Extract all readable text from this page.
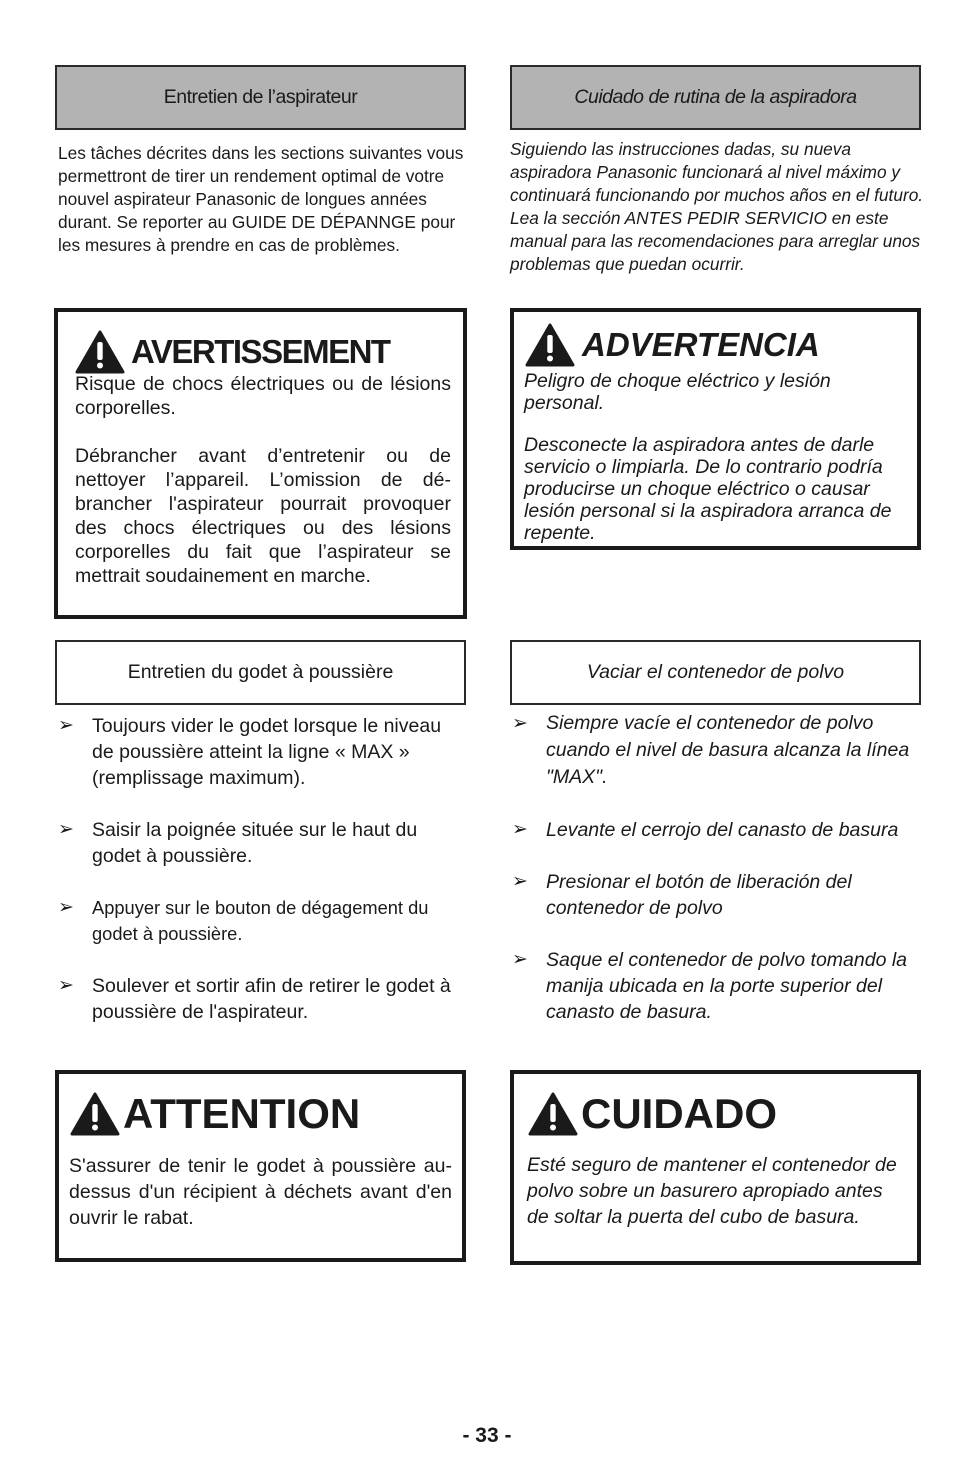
Entretien de l’aspirateur
Les tâches décrites dans les sections suivantes vous permettront de tirer un rendement optimal de votre nouvel aspirateur Panasonic de longues années durant. Se reporter au GUIDE DE DÉPANNGE pour les mesures à prendre en cas de problèmes.
AVERTISSEMENT
Risque de chocs électriques ou de lésions corporelles.
Débrancher avant d’entretenir ou de nettoyer l’appareil. L’omission de débrancher l'aspirateur pourrait provoquer des chocs électriques ou des lésions corporelles du fait que l’aspirateur se mettrait soudainement en marche.
Entretien du godet à poussière
➢ Toujours vider le godet lorsque le niveau de poussière atteint la ligne « MAX » (remplissage maximum).
➢ Saisir la poignée située sur le haut du godet à poussière.
➢ Appuyer sur le bouton de dégagement du godet à poussière.
➢ Soulever et sortir afin de retirer le godet à poussière de l'aspirateur.
ATTENTION
S'assurer de tenir le godet à poussière au-dessus d'un récipient à déchets avant d'en ouvrir le rabat.
Cuidado de rutina de la aspiradora
Siguiendo las instrucciones dadas, su nueva aspiradora Panasonic funcionará al nivel máximo y continuará funcionando por muchos años en el futuro. Lea la sección ANTES PEDIR SERVICIO en este manual para las recomendaciones para arreglar unos problemas que puedan ocurrir.
ADVERTENCIA
Peligro de choque eléctrico y lesión personal.
Desconecte la aspiradora antes de darle servicio o limpiarla. De lo contrario podría producirse un choque eléctrico o causar lesión personal si la aspiradora arranca de repente.
Vaciar el contenedor de polvo
➢ Siempre vacíe el contenedor de polvo cuando el nivel de basura alcanza la línea "MAX".
➢ Levante el cerrojo del canasto de basura
➢ Presionar el botón de liberación del contenedor de polvo
➢ Saque el contenedor de polvo tomando la manija ubicada en la porte superior del canasto de basura.
CUIDADO
Esté seguro de mantener el contenedor de polvo sobre un basurero apropiado antes de soltar la puerta del cubo de basura.
- 33 -
